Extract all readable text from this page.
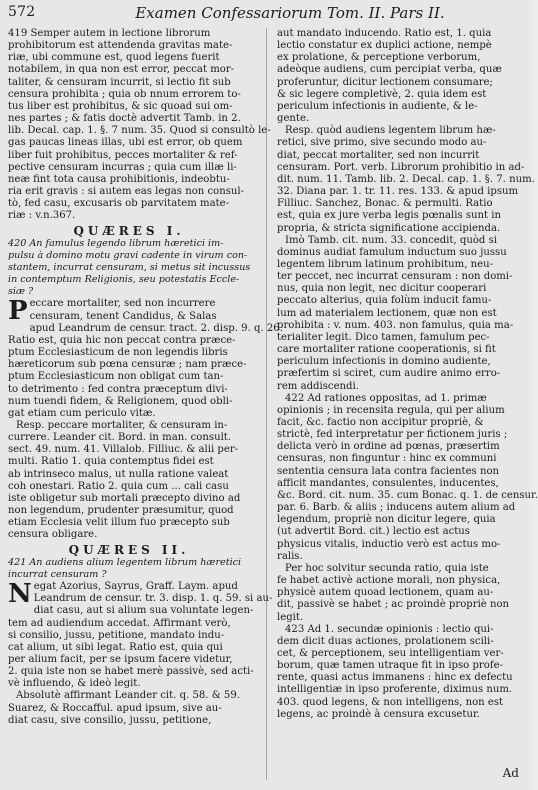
572	Examen Confessariorum Tom. II. Pars II.
419 Semper autem in lectione librorum
prohibitorum est attendenda gravitas mate-
riæ, ubi commune est, quod legens fuerit
notabilem, in qua non est error, peccat mor-
taliter, & censuram incurrit, si lectio fit sub
censura prohibita ; quia ob nnum errorem to-
tus liber est prohibitus, & sic quoad sui om-
nes partes ; & fatis doctè advertit Tamb. in 2.
lib. Decal. cap. 1. §. 7 num. 35. Quod si consultò le-
gas paucas lineas illas, ubi est error, ob quem
liber fuit prohibitus, pecces mortaliter & ref-
pective censuram incurras ; quia cum illæ li-
neæ fint tota causa prohibitionis, indeobtu-
ria erit gravis : si autem eas legas non consul-
tò, fed casu, excusaris ob parvitatem mate-
riæ : v.n.367.
QUÆRES I.
420 An famulus legendo librum hæretici im-
pulsu à domino motu gravi cadente in virum con-
stantem, incurrat censuram, si metus sit incussus
in contemptum Religionis, seu potestatis Eccle-
siæ ?
P eccare mortaliter, sed non incurrere
censuram, tenent Candidus, & Salas
apud Leandrum de censur. tract. 2. disp. 9. q. 26.
Ratio est, quia hic non peccat contra præce-
ptum Ecclesiasticum de non legendis libris
hæreticorum sub pœna censuræ ; nam præce-
ptum Ecclesiasticum non obligat cum tan-
to detrimento : fed contra præceptum divi-
num tuendi fidem, & Religionem, quod obli-
gat etiam cum periculo vitæ.
Resp. peccare mortaliter, & censuram in-
currere. Leander cit. Bord. in man. consult.
sect. 49. num. 41. Villalob. Filliuc. & alii per-
multi. Ratio 1. quia contemptus fidei est
ab intrinseco malus, ut nulla ratione valeat
coh onestari. Ratio 2. quia cum ... cali casu
iste obligetur sub mortali præcepto divino ad
non legendum, prudenter præsumitur, quod
etiam Ecclesia velit illum fuo præcepto sub
censura obligare.
QUÆRES II.
421 An audiens alium legentem librum hæretici
incurrat censuram ?
N egat Azorius, Sayrus, Graff. Laym. apud
Leandrum de censur. tr. 3. disp. 1. q. 59. si au-
diat casu, aut si alium sua voluntate legen-
tem ad audiendum accedat. Affirmant verò,
si consilio, jussu, petitione, mandato indu-
cat alium, ut sibi legat. Ratio est, quia qui
per alium facit, per se ipsum facere videtur,
2. quia iste non se habet merè passivè, sed acti-
vè influendo, & ideò legit.
Absolutè affirmant Leander cit. q. 58. & 59.
Suarez, & Roccafful. apud ipsum, sive au-
diat casu, sive consilio, jussu, petitione,
aut mandato inducendo. Ratio est, 1. quia
lectio constatur ex duplici actione, nempè
ex prolatione, & perceptione verborum,
adeòque audiens, cum percipiat verba, quæ
proferuntur, dicitur lectionem consumare;
& sic legere completivè, 2. quia idem est
periculum infectionis in audiente, & le-
gente.
Resp. quòd audiens legentem librum hæ-
retici, sive primo, sive secundo modo au-
diat, peccat mortaliter, sed non incurrit
censuram. Port. verb. Librorum prohibitio in ad-
dit. num. 11. Tamb. lib. 2. Decal. cap. 1. §. 7. num.
32. Diana par. 1. tr. 11. res. 133. & apud ipsum
Filliuc. Sanchez, Bonac. & permulti. Ratio
est, quia ex jure verba legis pœnalis sunt in
propria, & stricta significatione accipienda.
Imò Tamb. cit. num. 33. concedit, quòd si
dominus audiat famulum inductum suo jussu
legentem librum latinum prohibitum, neu-
ter peccet, nec incurrat censuram : non domi-
nus, quia non legit, nec dicitur cooperari
peccato alterius, quia folùm inducit famu-
lum ad materialem lectionem, quæ non est
prohibita : v. num. 403. non famulus, quia ma-
terialiter legit. Dico tamen, famulum pec-
care mortaliter ratione cooperationis, si fit
periculum infectionis in domino audiente,
præfertim si sciret, cum audire animo erro-
rem addiscendi.
422 Ad rationes oppositas, ad 1. primæ
opinionis ; in recensita regula, qui per alium
facit, &c. factio non accipitur propriè, &
strictè, fed interpretatur per fictionem juris ;
delicta verò in ordine ad pœnas, præsertim
censuras, non finguntur : hinc ex communi
sententia censura lata contra facientes non
afficit mandantes, consulentes, inducentes,
&c. Bord. cit. num. 35. cum Bonac. q. 1. de censur.
par. 6. Barb. & aliis ; inducens autem alium ad
legendum, propriè non dicitur legere, quia
(ut advertit Bord. cit.) lectio est actus
physicus vitalis, inductio verò est actus mo-
ralis.
Per hoc solvitur secunda ratio, quia iste
fe habet activè actione morali, non physica,
physicè autem quoad lectionem, quam au-
dit, passivè se habet ; ac proindè propriè non
legit.
423 Ad 1. secundæ opinionis : lectio qui-
dem dicit duas actiones, prolationem scili-
cet, & perceptionem, seu intelligentiam ver-
borum, quæ tamen utraque fit in ipso profe-
rente, quasi actus immanens : hinc ex defectu
intelligentiæ in ipso proferente, diximus num.
403. quod legens, & non intelligens, non est
legens, ac proindè à censura excusetur.
Ad
